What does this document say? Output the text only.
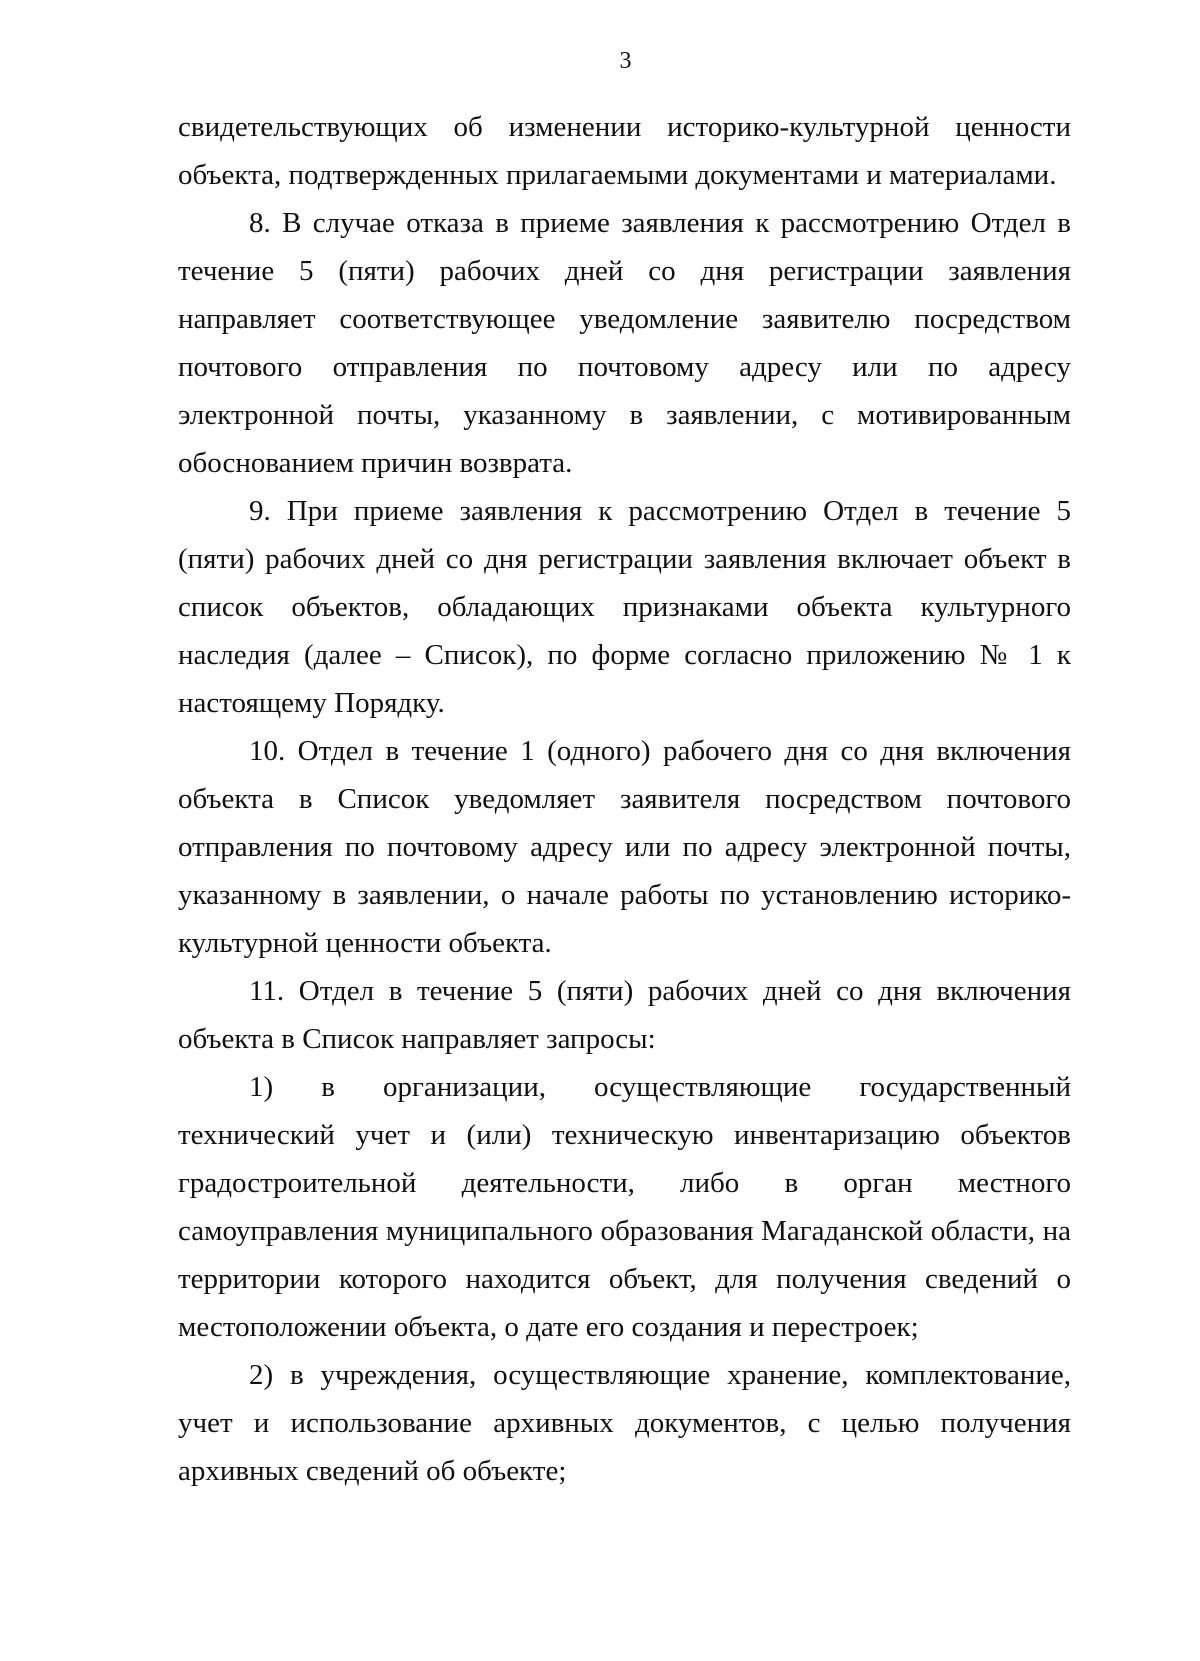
3

свидетельствующих об изменении историко-культурной ценности объекта, подтвержденных прилагаемыми документами и материалами.

8. В случае отказа в приеме заявления к рассмотрению Отдел в течение 5 (пяти) рабочих дней со дня регистрации заявления направляет соответствующее уведомление заявителю посредством почтового отправления по почтовому адресу или по адресу электронной почты, указанному в заявлении, с мотивированным обоснованием причин возврата.

9. При приеме заявления к рассмотрению Отдел в течение 5 (пяти) рабочих дней со дня регистрации заявления включает объект в список объектов, обладающих признаками объекта культурного наследия (далее – Список), по форме согласно приложению № 1 к настоящему Порядку.

10. Отдел в течение 1 (одного) рабочего дня со дня включения объекта в Список уведомляет заявителя посредством почтового отправления по почтовому адресу или по адресу электронной почты, указанному в заявлении, о начале работы по установлению историко-культурной ценности объекта.

11. Отдел в течение 5 (пяти) рабочих дней со дня включения объекта в Список направляет запросы:

1) в организации, осуществляющие государственный технический учет и (или) техническую инвентаризацию объектов градостроительной деятельности, либо в орган местного самоуправления муниципального образования Магаданской области, на территории которого находится объект, для получения сведений о местоположении объекта, о дате его создания и перестроек;

2) в учреждения, осуществляющие хранение, комплектование, учет и использование архивных документов, с целью получения архивных сведений об объекте;
